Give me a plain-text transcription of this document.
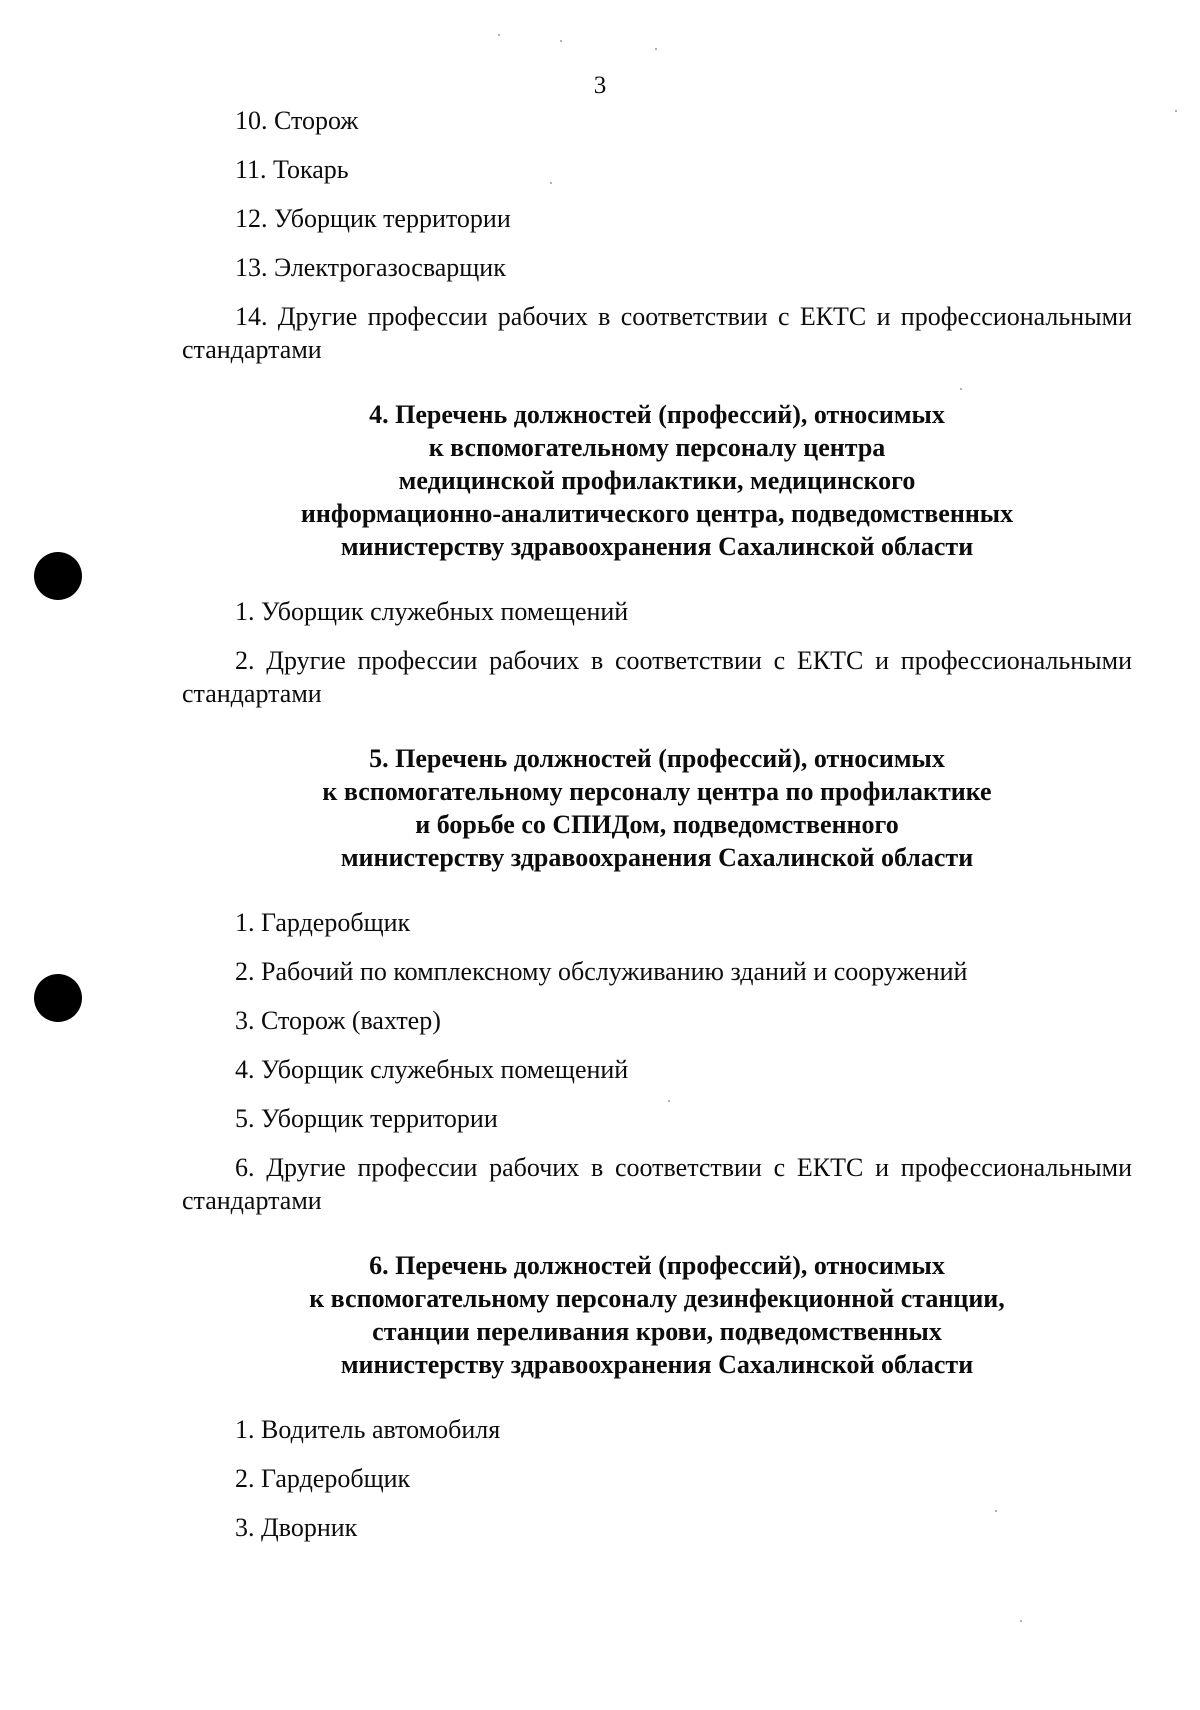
3

10. Сторож

11. Токарь

12. Уборщик территории

13. Электрогазосварщик

14. Другие профессии рабочих в соответствии с ЕКТС и профессиональными стандартами

4. Перечень должностей (профессий), относимых
к вспомогательному персоналу центра
медицинской профилактики, медицинского
информационно-аналитического центра, подведомственных
министерству здравоохранения Сахалинской области

1. Уборщик служебных помещений

2. Другие профессии рабочих в соответствии с ЕКТС и профессиональными стандартами

5. Перечень должностей (профессий), относимых
к вспомогательному персоналу центра по профилактике
и борьбе со СПИДом, подведомственного
министерству здравоохранения Сахалинской области

1. Гардеробщик

2. Рабочий по комплексному обслуживанию зданий и сооружений

3. Сторож (вахтер)

4. Уборщик служебных помещений

5. Уборщик территории

6. Другие профессии рабочих в соответствии с ЕКТС и профессиональными стандартами

6. Перечень должностей (профессий), относимых
к вспомогательному персоналу дезинфекционной станции,
станции переливания крови, подведомственных
министерству здравоохранения Сахалинской области

1. Водитель автомобиля

2. Гардеробщик

3. Дворник
